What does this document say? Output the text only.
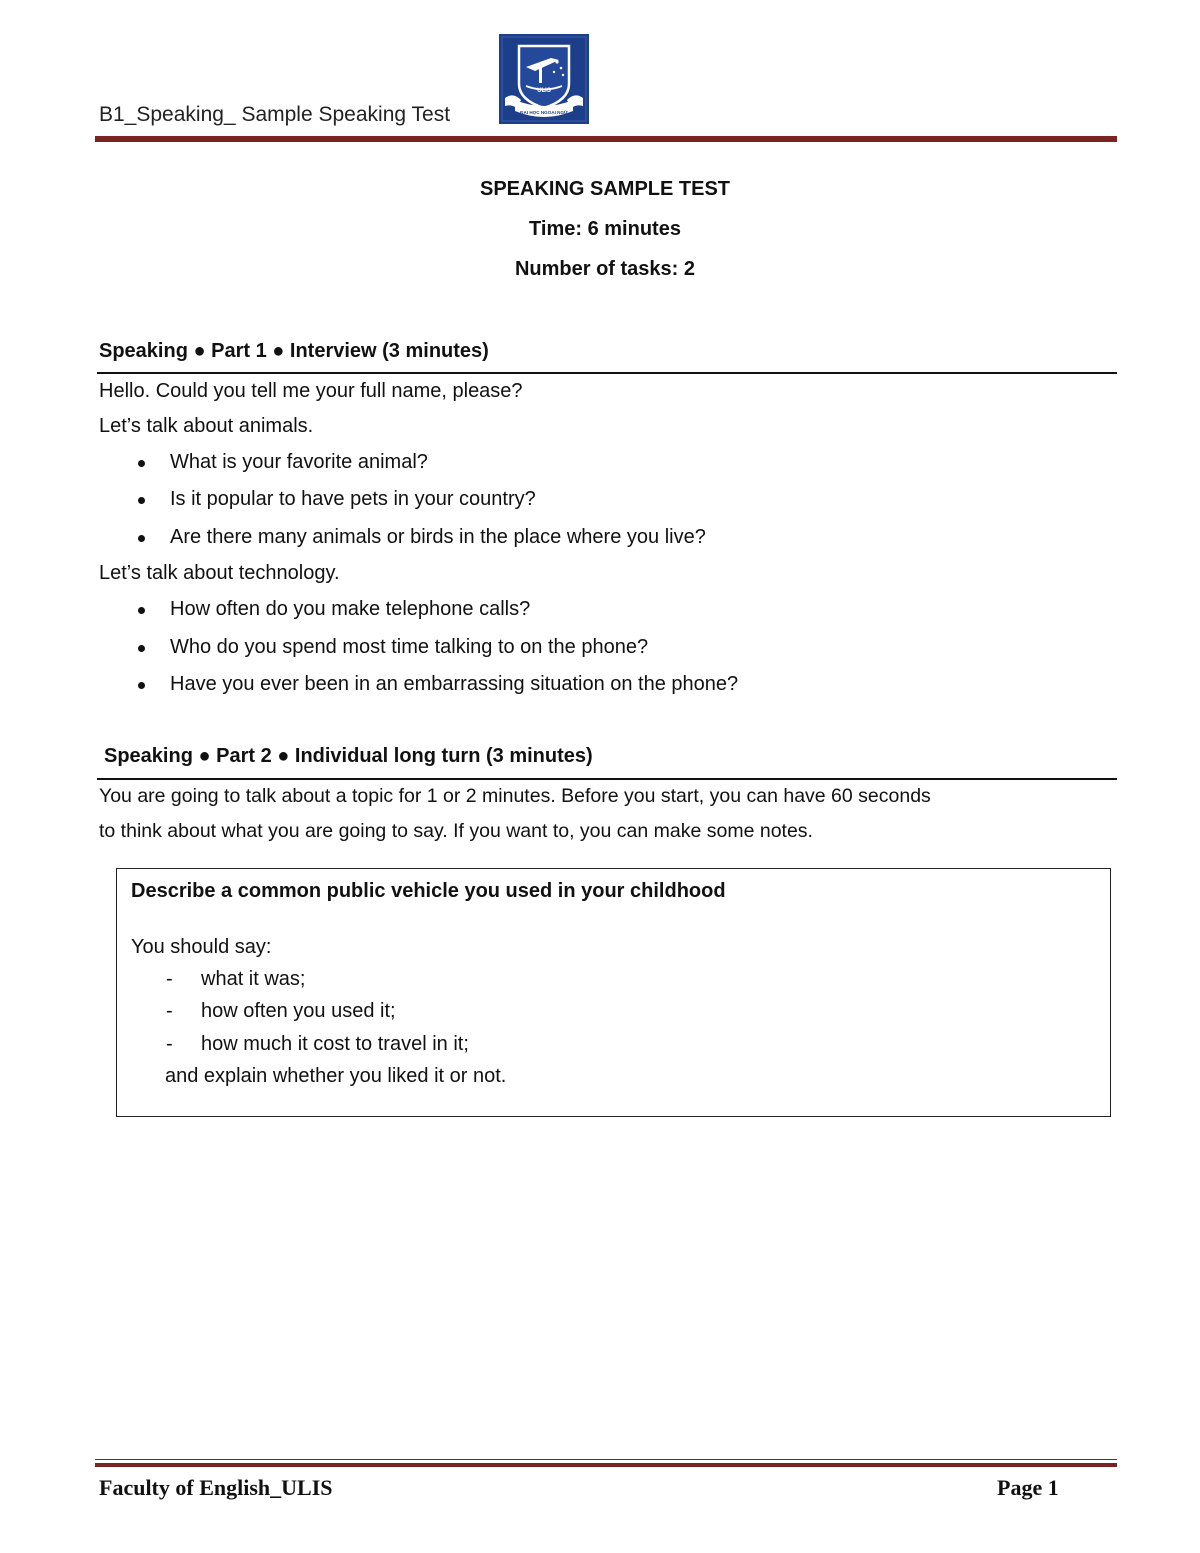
B1_Speaking_ Sample Speaking Test
ULIS
ĐẠI HỌC NGOẠI NGỮ
SPEAKING SAMPLE TEST
Time: 6 minutes
Number of tasks: 2
Speaking ● Part 1 ● Interview (3 minutes)
Hello. Could you tell me your full name, please?
Let’s talk about animals.
What is your favorite animal?
Is it popular to have pets in your country?
Are there many animals or birds in the place where you live?
Let’s talk about technology.
How often do you make telephone calls?
Who do you spend most time talking to on the phone?
Have you ever been in an embarrassing situation on the phone?
Speaking ● Part 2 ● Individual long turn (3 minutes)
You are going to talk about a topic for 1 or 2 minutes. Before you start, you can have 60 seconds
to think about what you are going to say. If you want to, you can make some notes.
Describe a common public vehicle you used in your childhood
You should say:
- what it was;
- how often you used it;
- how much it cost to travel in it;
and explain whether you liked it or not.
Faculty of English_ULIS	Page 1
